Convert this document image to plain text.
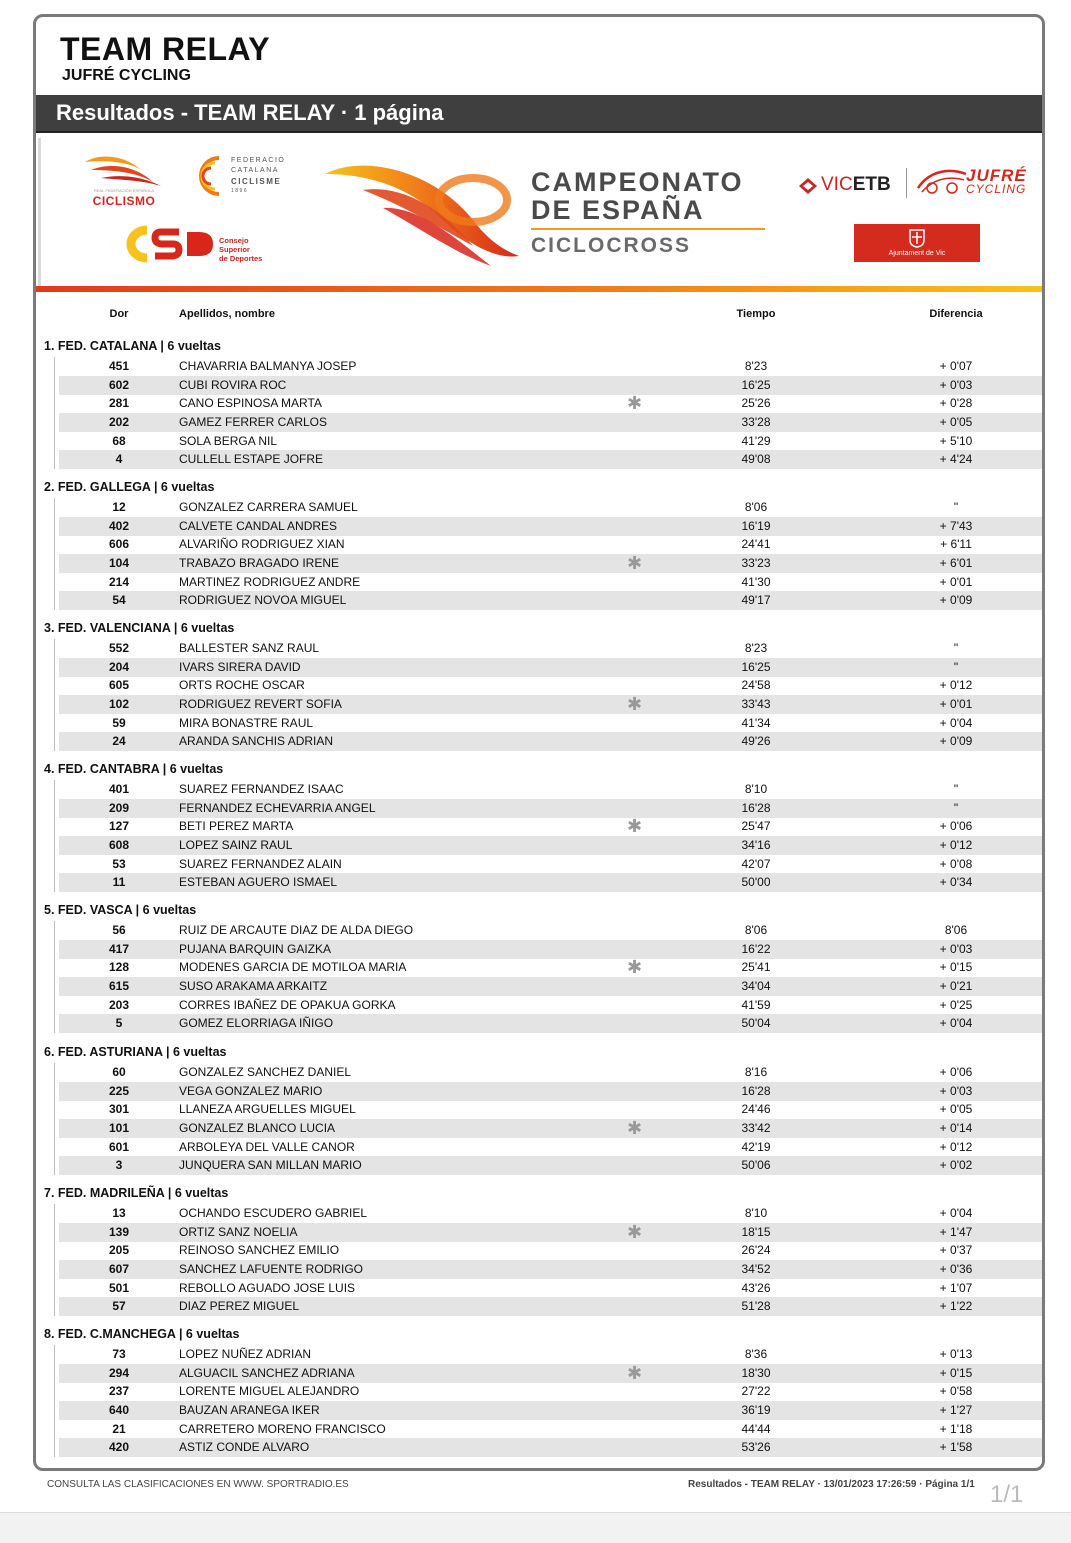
TEAM RELAY
JUFRÉ CYCLING
Resultados - TEAM RELAY · 1 página
REAL FEDERACIÓN ESPAÑOLA
CICLISMO
FEDERACIÓ
CATALANA
CICLISME
1896
Consejo
Superior
de Deportes
CAMPEONATO
DE ESPAÑA
CICLOCROSS
VICETB	JUFRÉ
CYCLING
Ajuntament de Vic
Dor	Apellidos, nombre	Tiempo	Diferencia
1. FED. CATALANA | 6 vueltas
451	CHAVARRIA BALMANYA JOSEP	8'23	+ 0'07
602	CUBI ROVIRA ROC	16'25	+ 0'03
281	CANO ESPINOSA MARTA	✱	25'26	+ 0'28
202	GAMEZ FERRER CARLOS	33'28	+ 0'05
68	SOLA BERGA NIL	41'29	+ 5'10
4	CULLELL ESTAPE JOFRE	49'08	+ 4'24
2. FED. GALLEGA | 6 vueltas
12	GONZALEZ CARRERA SAMUEL	8'06	"
402	CALVETE CANDAL ANDRES	16'19	+ 7'43
606	ALVARIÑO RODRIGUEZ XIAN	24'41	+ 6'11
104	TRABAZO BRAGADO IRENE	✱	33'23	+ 6'01
214	MARTINEZ RODRIGUEZ ANDRE	41'30	+ 0'01
54	RODRIGUEZ NOVOA MIGUEL	49'17	+ 0'09
3. FED. VALENCIANA | 6 vueltas
552	BALLESTER SANZ RAUL	8'23	"
204	IVARS SIRERA DAVID	16'25	"
605	ORTS ROCHE OSCAR	24'58	+ 0'12
102	RODRIGUEZ REVERT SOFIA	✱	33'43	+ 0'01
59	MIRA BONASTRE RAUL	41'34	+ 0'04
24	ARANDA SANCHIS ADRIAN	49'26	+ 0'09
4. FED. CANTABRA | 6 vueltas
401	SUAREZ FERNANDEZ ISAAC	8'10	"
209	FERNANDEZ ECHEVARRIA ANGEL	16'28	"
127	BETI PEREZ MARTA	✱	25'47	+ 0'06
608	LOPEZ SAINZ RAUL	34'16	+ 0'12
53	SUAREZ FERNANDEZ ALAIN	42'07	+ 0'08
11	ESTEBAN AGUERO ISMAEL	50'00	+ 0'34
5. FED. VASCA | 6 vueltas
56	RUIZ DE ARCAUTE DIAZ DE ALDA DIEGO	8'06	8'06
417	PUJANA BARQUIN GAIZKA	16'22	+ 0'03
128	MODENES GARCIA DE MOTILOA MARIA	✱	25'41	+ 0'15
615	SUSO ARAKAMA ARKAITZ	34'04	+ 0'21
203	CORRES IBAÑEZ DE OPAKUA GORKA	41'59	+ 0'25
5	GOMEZ ELORRIAGA IÑIGO	50'04	+ 0'04
6. FED. ASTURIANA | 6 vueltas
60	GONZALEZ SANCHEZ DANIEL	8'16	+ 0'06
225	VEGA GONZALEZ MARIO	16'28	+ 0'03
301	LLANEZA ARGUELLES MIGUEL	24'46	+ 0'05
101	GONZALEZ BLANCO LUCIA	✱	33'42	+ 0'14
601	ARBOLEYA DEL VALLE CANOR	42'19	+ 0'12
3	JUNQUERA SAN MILLAN MARIO	50'06	+ 0'02
7. FED. MADRILEÑA | 6 vueltas
13	OCHANDO ESCUDERO GABRIEL	8'10	+ 0'04
139	ORTIZ SANZ NOELIA	✱	18'15	+ 1'47
205	REINOSO SANCHEZ EMILIO	26'24	+ 0'37
607	SANCHEZ LAFUENTE RODRIGO	34'52	+ 0'36
501	REBOLLO AGUADO JOSE LUIS	43'26	+ 1'07
57	DIAZ PEREZ MIGUEL	51'28	+ 1'22
8. FED. C.MANCHEGA | 6 vueltas
73	LOPEZ NUÑEZ ADRIAN	8'36	+ 0'13
294	ALGUACIL SANCHEZ ADRIANA	✱	18'30	+ 0'15
237	LORENTE MIGUEL ALEJANDRO	27'22	+ 0'58
640	BAUZAN ARANEGA IKER	36'19	+ 1'27
21	CARRETERO MORENO FRANCISCO	44'44	+ 1'18
420	ASTIZ CONDE ALVARO	53'26	+ 1'58
CONSULTA LAS CLASIFICACIONES EN WWW. SPORTRADIO.ES	Resultados - TEAM RELAY · 13/01/2023 17:26:59 · Página 1/1 1/1
